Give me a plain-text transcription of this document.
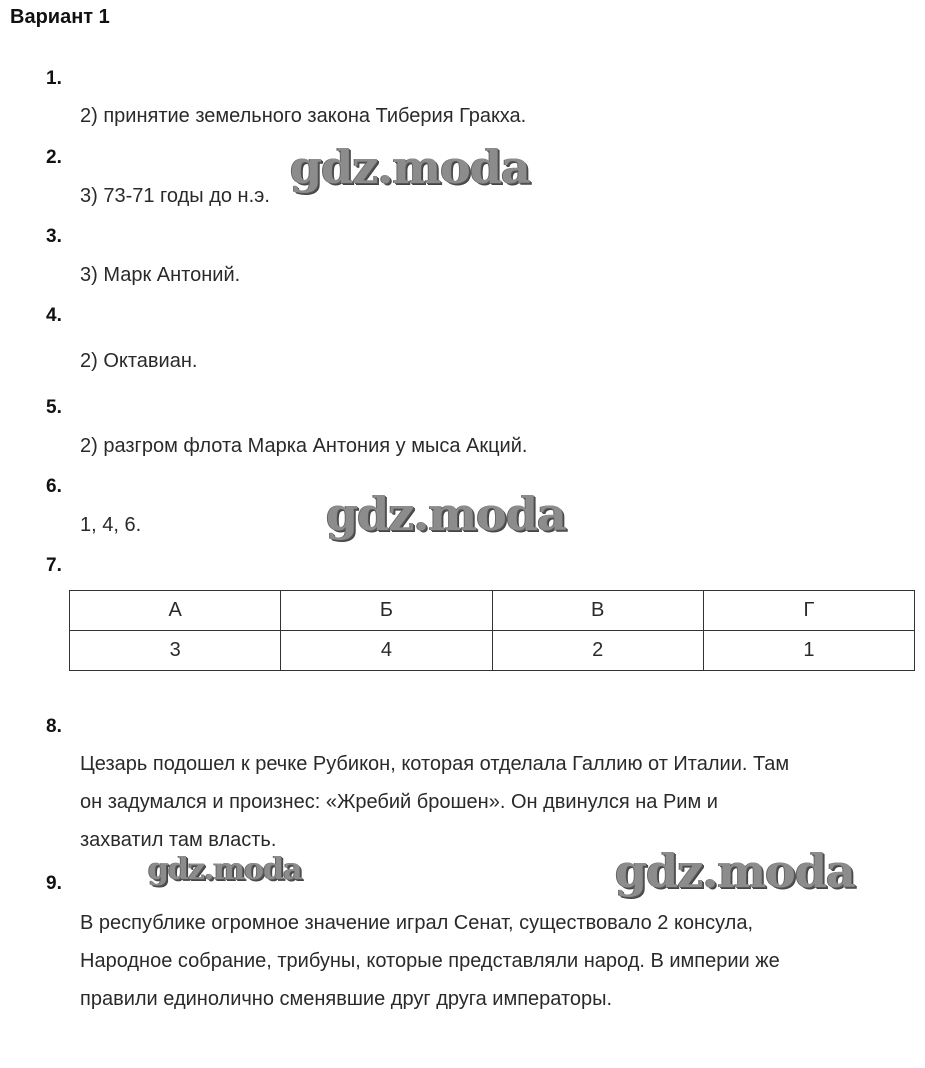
Вариант 1
1.
2) принятие земельного закона Тиберия Гракха.
2.
3) 73-71 годы до н.э.
3.
3) Марк Антоний.
4.
2) Октавиан.
5.
2) разгром флота Марка Антония у мыса Акций.
6.
1, 4, 6.
7.
А	Б	В	Г
3	4	2	1
8.
Цезарь подошел к речке Рубикон, которая отделала Галлию от Италии. Там
он задумался и произнес: «Жребий брошен». Он двинулся на Рим и
захватил там власть.
9.
В республике огромное значение играл Сенат, существовало 2 консула,
Народное собрание, трибуны, которые представляли народ. В империи же
правили единолично сменявшие друг друга императоры.
gdz.moda
gdz.moda
gdz.moda	gdz.moda
